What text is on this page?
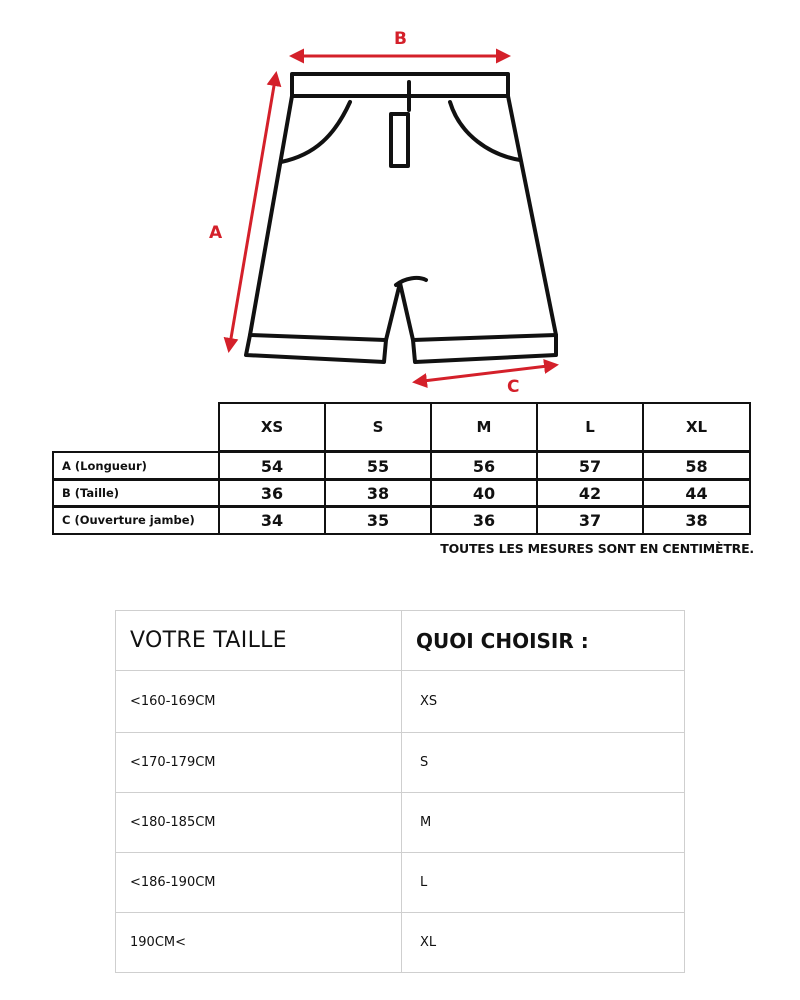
B
A
C
XS	S	M	L	XL
A (Longueur)	54	55	56	57	58
B (Taille)	36	38	40	42	44
C (Ouverture jambe)	34	35	36	37	38
TOUTES LES MESURES SONT EN CENTIMÈTRE.
VOTRE TAILLE	QUOI CHOISIR :
<160-169CM	XS
<170-179CM	S
<180-185CM	M
<186-190CM	L
190CM<	XL
